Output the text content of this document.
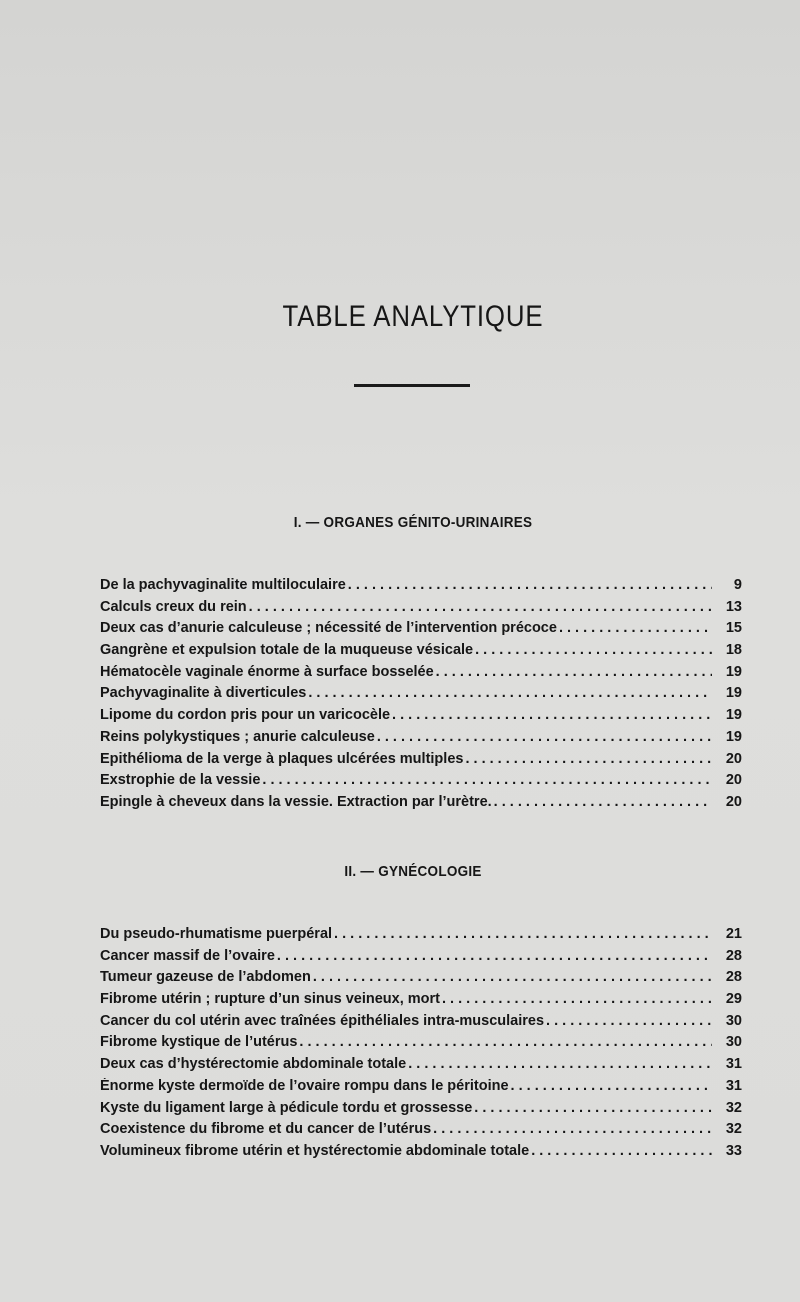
TABLE ANALYTIQUE
I. — ORGANES GÉNITO-URINAIRES
De la pachyvaginalite multiloculaire . . .	9
Calculs creux du rein . . .	13
Deux cas d’anurie calculeuse ; nécessité de l’intervention précoce . . .	15
Gangrène et expulsion totale de la muqueuse vésicale . . .	18
Hématocèle vaginale énorme à surface bosselée . . .	19
Pachyvaginalite à diverticules . . .	19
Lipome du cordon pris pour un varicocèle . . .	19
Reins polykystiques ; anurie calculeuse . . .	19
Epithélioma de la verge à plaques ulcérées multiples . . .	20
Exstrophie de la vessie . . .	20
Epingle à cheveux dans la vessie. Extraction par l’urètre. . . .	20
II. — GYNÉCOLOGIE
Du pseudo-rhumatisme puerpéral . . .	21
Cancer massif de l’ovaire . . .	28
Tumeur gazeuse de l’abdomen . . .	28
Fibrome utérin ; rupture d’un sinus veineux, mort . . .	29
Cancer du col utérin avec traînées épithéliales intra-musculaires . . .	30
Fibrome kystique de l’utérus . . .	30
Deux cas d’hystérectomie abdominale totale . . .	31
Énorme kyste dermoïde de l’ovaire rompu dans le péritoine . . .	31
Kyste du ligament large à pédicule tordu et grossesse . . .	32
Coexistence du fibrome et du cancer de l’utérus . . .	32
Volumineux fibrome utérin et hystérectomie abdominale totale . . .	33
